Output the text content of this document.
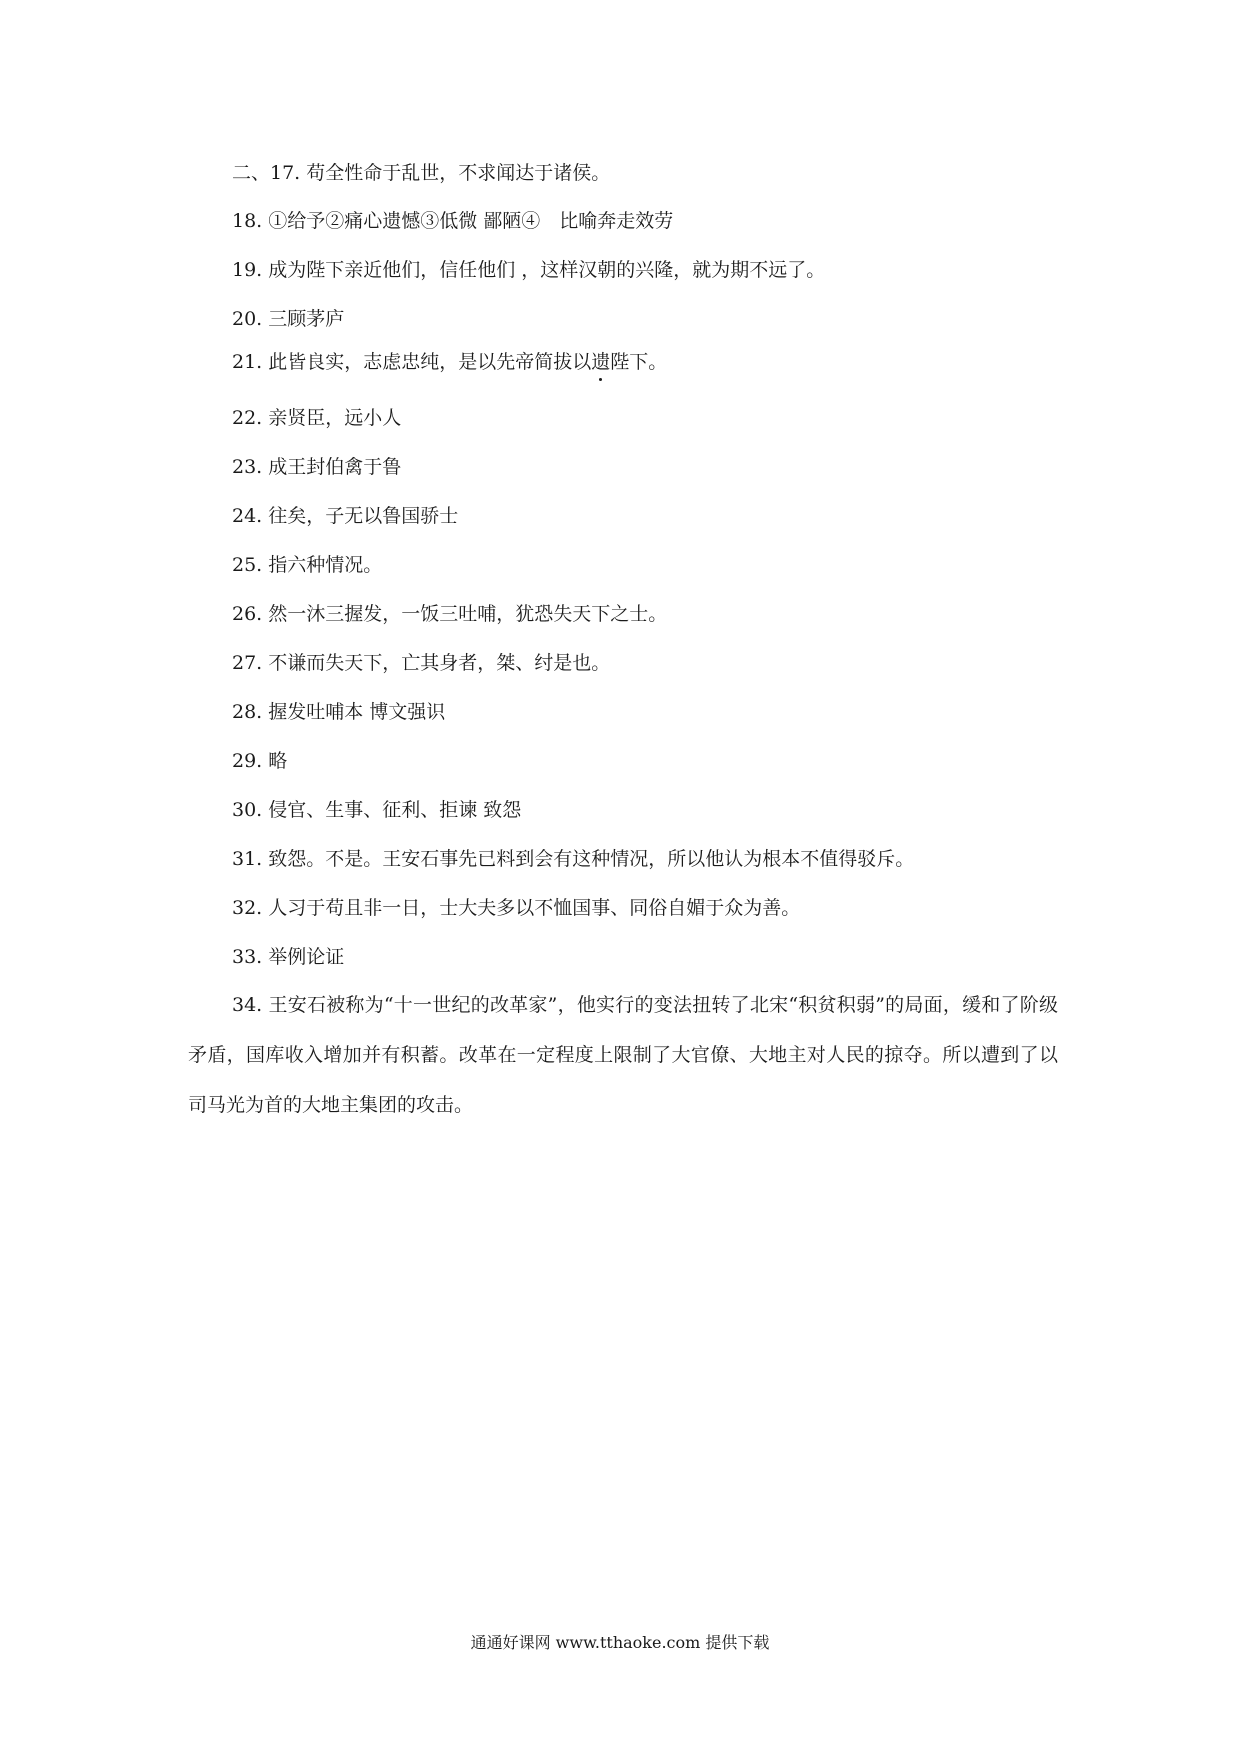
二、17. 苟全性命于乱世，不求闻达于诸侯。
18. ①给予②痛心遗憾③低微 鄙陋④　比喻奔走效劳
19. 成为陛下亲近他们，信任他们 ，这样汉朝的兴隆，就为期不远了。
20. 三顾茅庐
21. 此皆良实，志虑忠纯，是以先帝简拔以遗陛下。
22. 亲贤臣，远小人
23. 成王封伯禽于鲁
24. 往矣，子无以鲁国骄士
25. 指六种情况。
26. 然一沐三握发，一饭三吐哺，犹恐失天下之士。
27. 不谦而失天下，亡其身者，桀、纣是也。
28. 握发吐哺本 博文强识
29. 略
30. 侵官、生事、征利、拒谏 致怨
31. 致怨。不是。王安石事先已料到会有这种情况，所以他认为根本不值得驳斥。
32. 人习于苟且非一日，士大夫多以不恤国事、同俗自媚于众为善。
33. 举例论证
34. 王安石被称为“十一世纪的改革家”，他实行的变法扭转了北宋“积贫积弱”的局面，缓和了阶级矛盾，国库收入增加并有积蓄。改革在一定程度上限制了大官僚、大地主对人民的掠夺。所以遭到了以司马光为首的大地主集团的攻击。
通通好课网 www.tthaoke.com 提供下载
